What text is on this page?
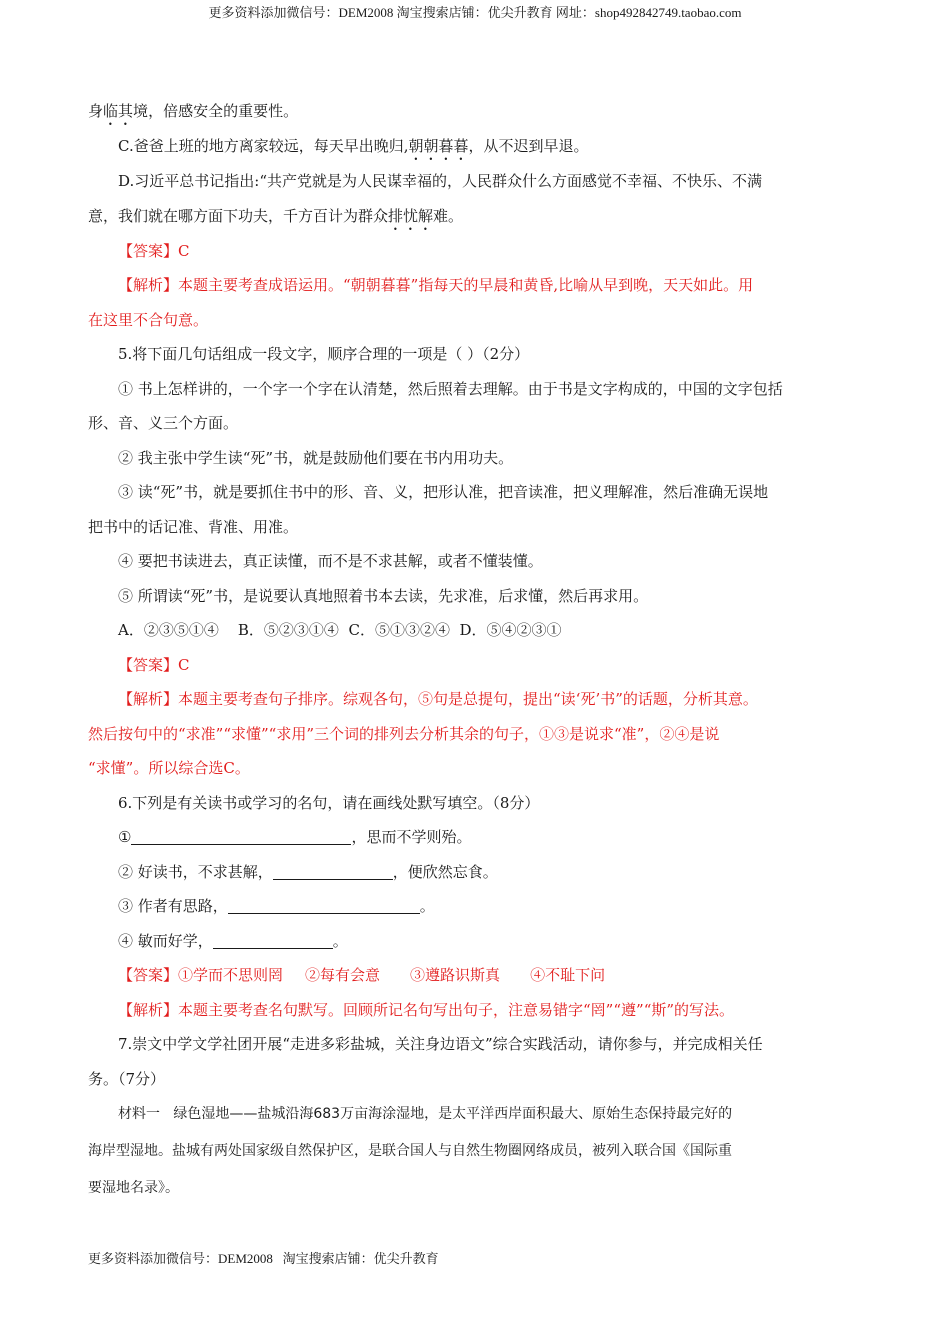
更多资料添加微信号：DEM2008 淘宝搜索店铺：优尖升教育 网址：shop492842749.taobao.com

身临其境，倍感安全的重要性。

C.爸爸上班的地方离家较远，每天早出晚归,朝朝暮暮，从不迟到早退。

D.习近平总书记指出:“共产党就是为人民谋幸福的，人民群众什么方面感觉不幸福、不快乐、不满

意，我们就在哪方面下功夫，千方百计为群众排忧解难。

【答案】C

【解析】本题主要考查成语运用。“朝朝暮暮”指每天的早晨和黄昏,比喻从早到晚，天天如此。用

在这里不合句意。

5.将下面几句话组成一段文字，顺序合理的一项是（ ）（2分）

① 书上怎样讲的，一个字一个字在认清楚，然后照着去理解。由于书是文字构成的，中国的文字包括

形、音、义三个方面。

② 我主张中学生读“死”书，就是鼓励他们要在书内用功夫。

③ 读“死”书，就是要抓住书中的形、音、义，把形认准，把音读准，把义理解准，然后准确无误地

把书中的话记准、背准、用准。

④ 要把书读进去，真正读懂，而不是不求甚解，或者不懂装懂。

⑤ 所谓读“死”书，是说要认真地照着书本去读，先求准，后求懂，然后再求用。

A．②③⑤①④    B．⑤②③①④  C．⑤①③②④  D．⑤④②③①

【答案】C

【解析】本题主要考查句子排序。综观各句，⑤句是总提句，提出“读‘死’书”的话题，分析其意。

然后按句中的“求准”“求懂”“求用”三个词的排列去分析其余的句子，①③是说求“准”，②④是说

“求懂”。所以综合选C。

6.下列是有关读书或学习的名句，请在画线处默写填空。（8分）

①	，思而不学则殆。

② 好读书，不求甚解，	，便欣然忘食。

③ 作者有思路，	。

④ 敏而好学，	。

【答案】①学而不思则罔 ②每有会意 ③遵路识斯真 ④不耻下问

【解析】本题主要考查名句默写。回顾所记名句写出句子，注意易错字“罔”“遵”“斯”的写法。

7.崇文中学文学社团开展“走进多彩盐城，关注身边语文”综合实践活动，请你参与，并完成相关任

务。（7分）

材料一   绿色湿地——盐城沿海683万亩海涂湿地，是太平洋西岸面积最大、原始生态保持最完好的

海岸型湿地。盐城有两处国家级自然保护区，是联合国人与自然生物圈网络成员，被列入联合国《国际重

要湿地名录》。

更多资料添加微信号：DEM2008   淘宝搜索店铺：优尖升教育
